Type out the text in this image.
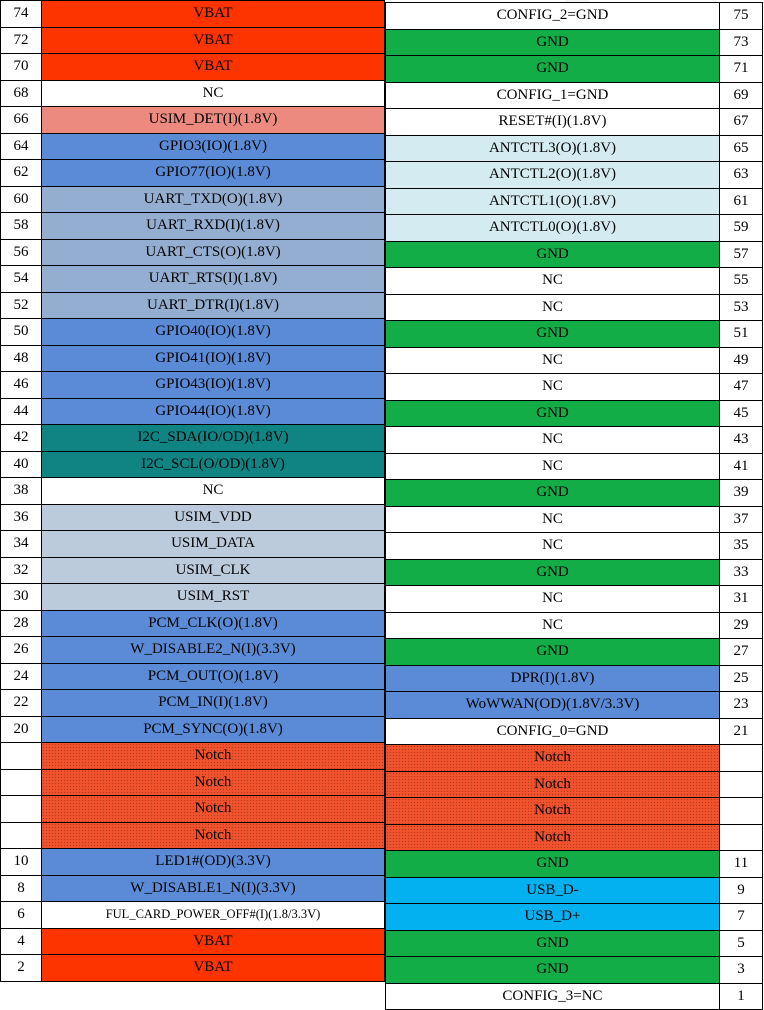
74	VBAT
72	VBAT
70	VBAT
68	NC
66	USIM_DET(I)(1.8V)
64	GPIO3(IO)(1.8V)
62	GPIO77(IO)(1.8V)
60	UART_TXD(O)(1.8V)
58	UART_RXD(I)(1.8V)
56	UART_CTS(O)(1.8V)
54	UART_RTS(I)(1.8V)
52	UART_DTR(I)(1.8V)
50	GPIO40(IO)(1.8V)
48	GPIO41(IO)(1.8V)
46	GPIO43(IO)(1.8V)
44	GPIO44(IO)(1.8V)
42	I2C_SDA(IO/OD)(1.8V)
40	I2C_SCL(O/OD)(1.8V)
38	NC
36	USIM_VDD
34	USIM_DATA
32	USIM_CLK
30	USIM_RST
28	PCM_CLK(O)(1.8V)
26	W_DISABLE2_N(I)(3.3V)
24	PCM_OUT(O)(1.8V)
22	PCM_IN(I)(1.8V)
20	PCM_SYNC(O)(1.8V)
Notch
Notch
Notch
Notch
10	LED1#(OD)(3.3V)
8	W_DISABLE1_N(I)(3.3V)
6	FUL_CARD_POWER_OFF#(I)(1.8/3.3V)
4	VBAT
2	VBAT
CONFIG_2=GND	75
GND	73
GND	71
CONFIG_1=GND	69
RESET#(I)(1.8V)	67
ANTCTL3(O)(1.8V)	65
ANTCTL2(O)(1.8V)	63
ANTCTL1(O)(1.8V)	61
ANTCTL0(O)(1.8V)	59
GND	57
NC	55
NC	53
GND	51
NC	49
NC	47
GND	45
NC	43
NC	41
GND	39
NC	37
NC	35
GND	33
NC	31
NC	29
GND	27
DPR(I)(1.8V)	25
WoWWAN(OD)(1.8V/3.3V)	23
CONFIG_0=GND	21
Notch
Notch
Notch
Notch
GND	11
USB_D-	9
USB_D+	7
GND	5
GND	3
CONFIG_3=NC	1
